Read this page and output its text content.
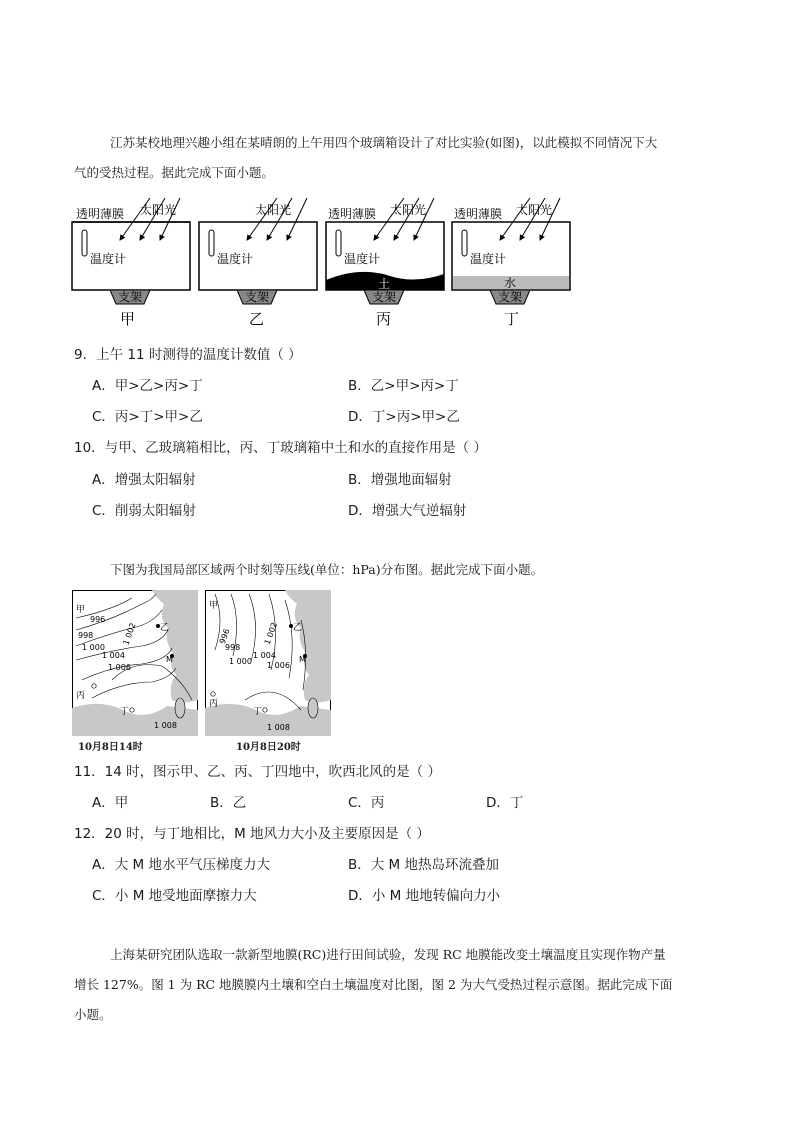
江苏某校地理兴趣小组在某晴朗的上午用四个玻璃箱设计了对比实验(如图)，以此模拟不同情况下大
气的受热过程。据此完成下面小题。
透明薄膜 太阳光
温度计
支架
甲
太阳光
温度计
支架
乙
透明薄膜 太阳光
温度计
土
支架
丙
透明薄膜 太阳光
温度计
水
支架
丁
9．上午 11 时测得的温度计数值（ ）
A．甲>乙>丙>丁	B．乙>甲>丙>丁
C．丙>丁>甲>乙	D．丁>丙>甲>乙
10．与甲、乙玻璃箱相比，丙、丁玻璃箱中土和水的直接作用是（ ）
A．增强太阳辐射	B．增强地面辐射
C．削弱太阳辐射	D．增强大气逆辐射
下图为我国局部区域两个时刻等压线(单位：hPa)分布图。据此完成下面小题。
甲
乙
丙
丁
M
996
998
1 000
1 002
1 004
1 006
1 008
10月8日14时
甲
乙
丙
丁
M
996
998
1 000
1 002
1 004
1 006
1 008
10月8日20时
11．14 时，图示甲、乙、丙、丁四地中，吹西北风的是（ ）
A．甲	B．乙	C．丙	D．丁
12．20 时，与丁地相比，M 地风力大小及主要原因是（ ）
A．大 M 地水平气压梯度力大	B．大 M 地热岛环流叠加
C．小 M 地受地面摩擦力大	D．小 M 地地转偏向力小
上海某研究团队选取一款新型地膜(RC)进行田间试验，发现 RC 地膜能改变土壤温度且实现作物产量
增长 127%。图 1 为 RC 地膜膜内土壤和空白土壤温度对比图，图 2 为大气受热过程示意图。据此完成下面
小题。
